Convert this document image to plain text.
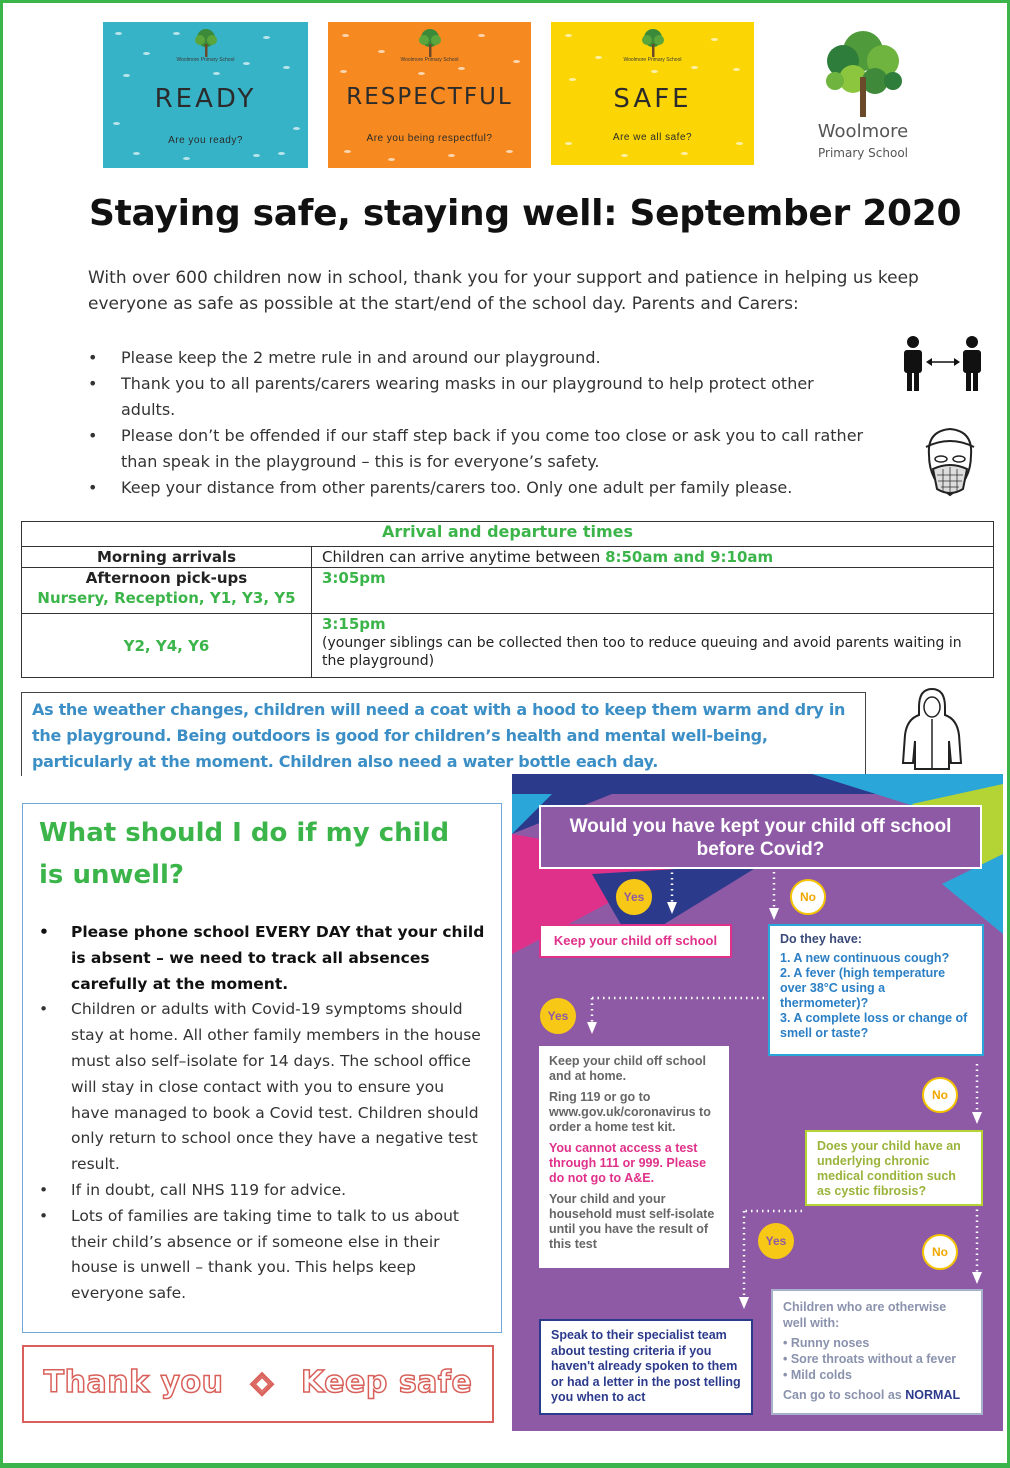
Woolmore Primary School
READY
Are you ready?
Woolmore Primary School
RESPECTFUL
Are you being respectful?
Woolmore Primary School
SAFE
Are we all safe?	Woolmore
Primary School
Staying safe, staying well: September 2020

With over 600 children now in school, thank you for your support and patience in helping us keep everyone as safe as possible at the start/end of the school day. Parents and Carers:

• Please keep the 2 metre rule in and around our playground.
• Thank you to all parents/carers wearing masks in our playground to help protect other adults.
• Please don’t be offended if our staff step back if you come too close or ask you to call rather than speak in the playground – this is for everyone’s safety.
• Keep your distance from other parents/carers too. Only one adult per family please.
Arrival and departure times	
Morning arrivals	Children can arrive anytime between 8:50am and 9:10am

Afternoon pick-ups
Nursery, Reception, Y1, Y3, Y5	3:05pm
Y2, Y4, Y6	3:15pm
(younger siblings can be collected then too to reduce queuing and avoid parents waiting in the playground)
As the weather changes, children will need a coat with a hood to keep them warm and dry in the playground. Being outdoors is good for children’s health and mental well-being, particularly at the moment. Children also need a water bottle each day.
What should I do if my child is unwell?
• Please phone school EVERY DAY that your child is absent – we need to track all absences carefully at the moment.
• Children or adults with Covid-19 symptoms should stay at home. All other family members in the house must also self–isolate for 14 days. The school office will stay in close contact with you to ensure you have managed to book a Covid test. Children should only return to school once they have a negative test result.
• If in doubt, call NHS 119 for advice.
• Lots of families are taking time to talk to us about their child’s absence or if someone else in their house is unwell – thank you. This helps keep everyone safe.
Thank you ◈ Keep safe
Would you have kept your child off school before Covid?
Yes	No
Keep your child off school	Do they have:
1. A new continuous cough?
2. A fever (high temperature over 38°C using a thermometer)?
3. A complete loss or change of smell or taste?
Yes
Keep your child off school and at home.
Ring 119 or go to www.gov.uk/coronavirus to order a home test kit.
You cannot access a test through 111 or 999. Please do not go to A&E.
Your child and your household must self-isolate until you have the result of this test
No
Does your child have an underlying chronic medical condition such as cystic fibrosis?
Yes
No
Speak to their specialist team about testing criteria if you haven't already spoken to them or had a letter in the post telling you when to act
Children who are otherwise well with:
• Runny noses
• Sore throats without a fever
• Mild colds
Can go to school as NORMAL
